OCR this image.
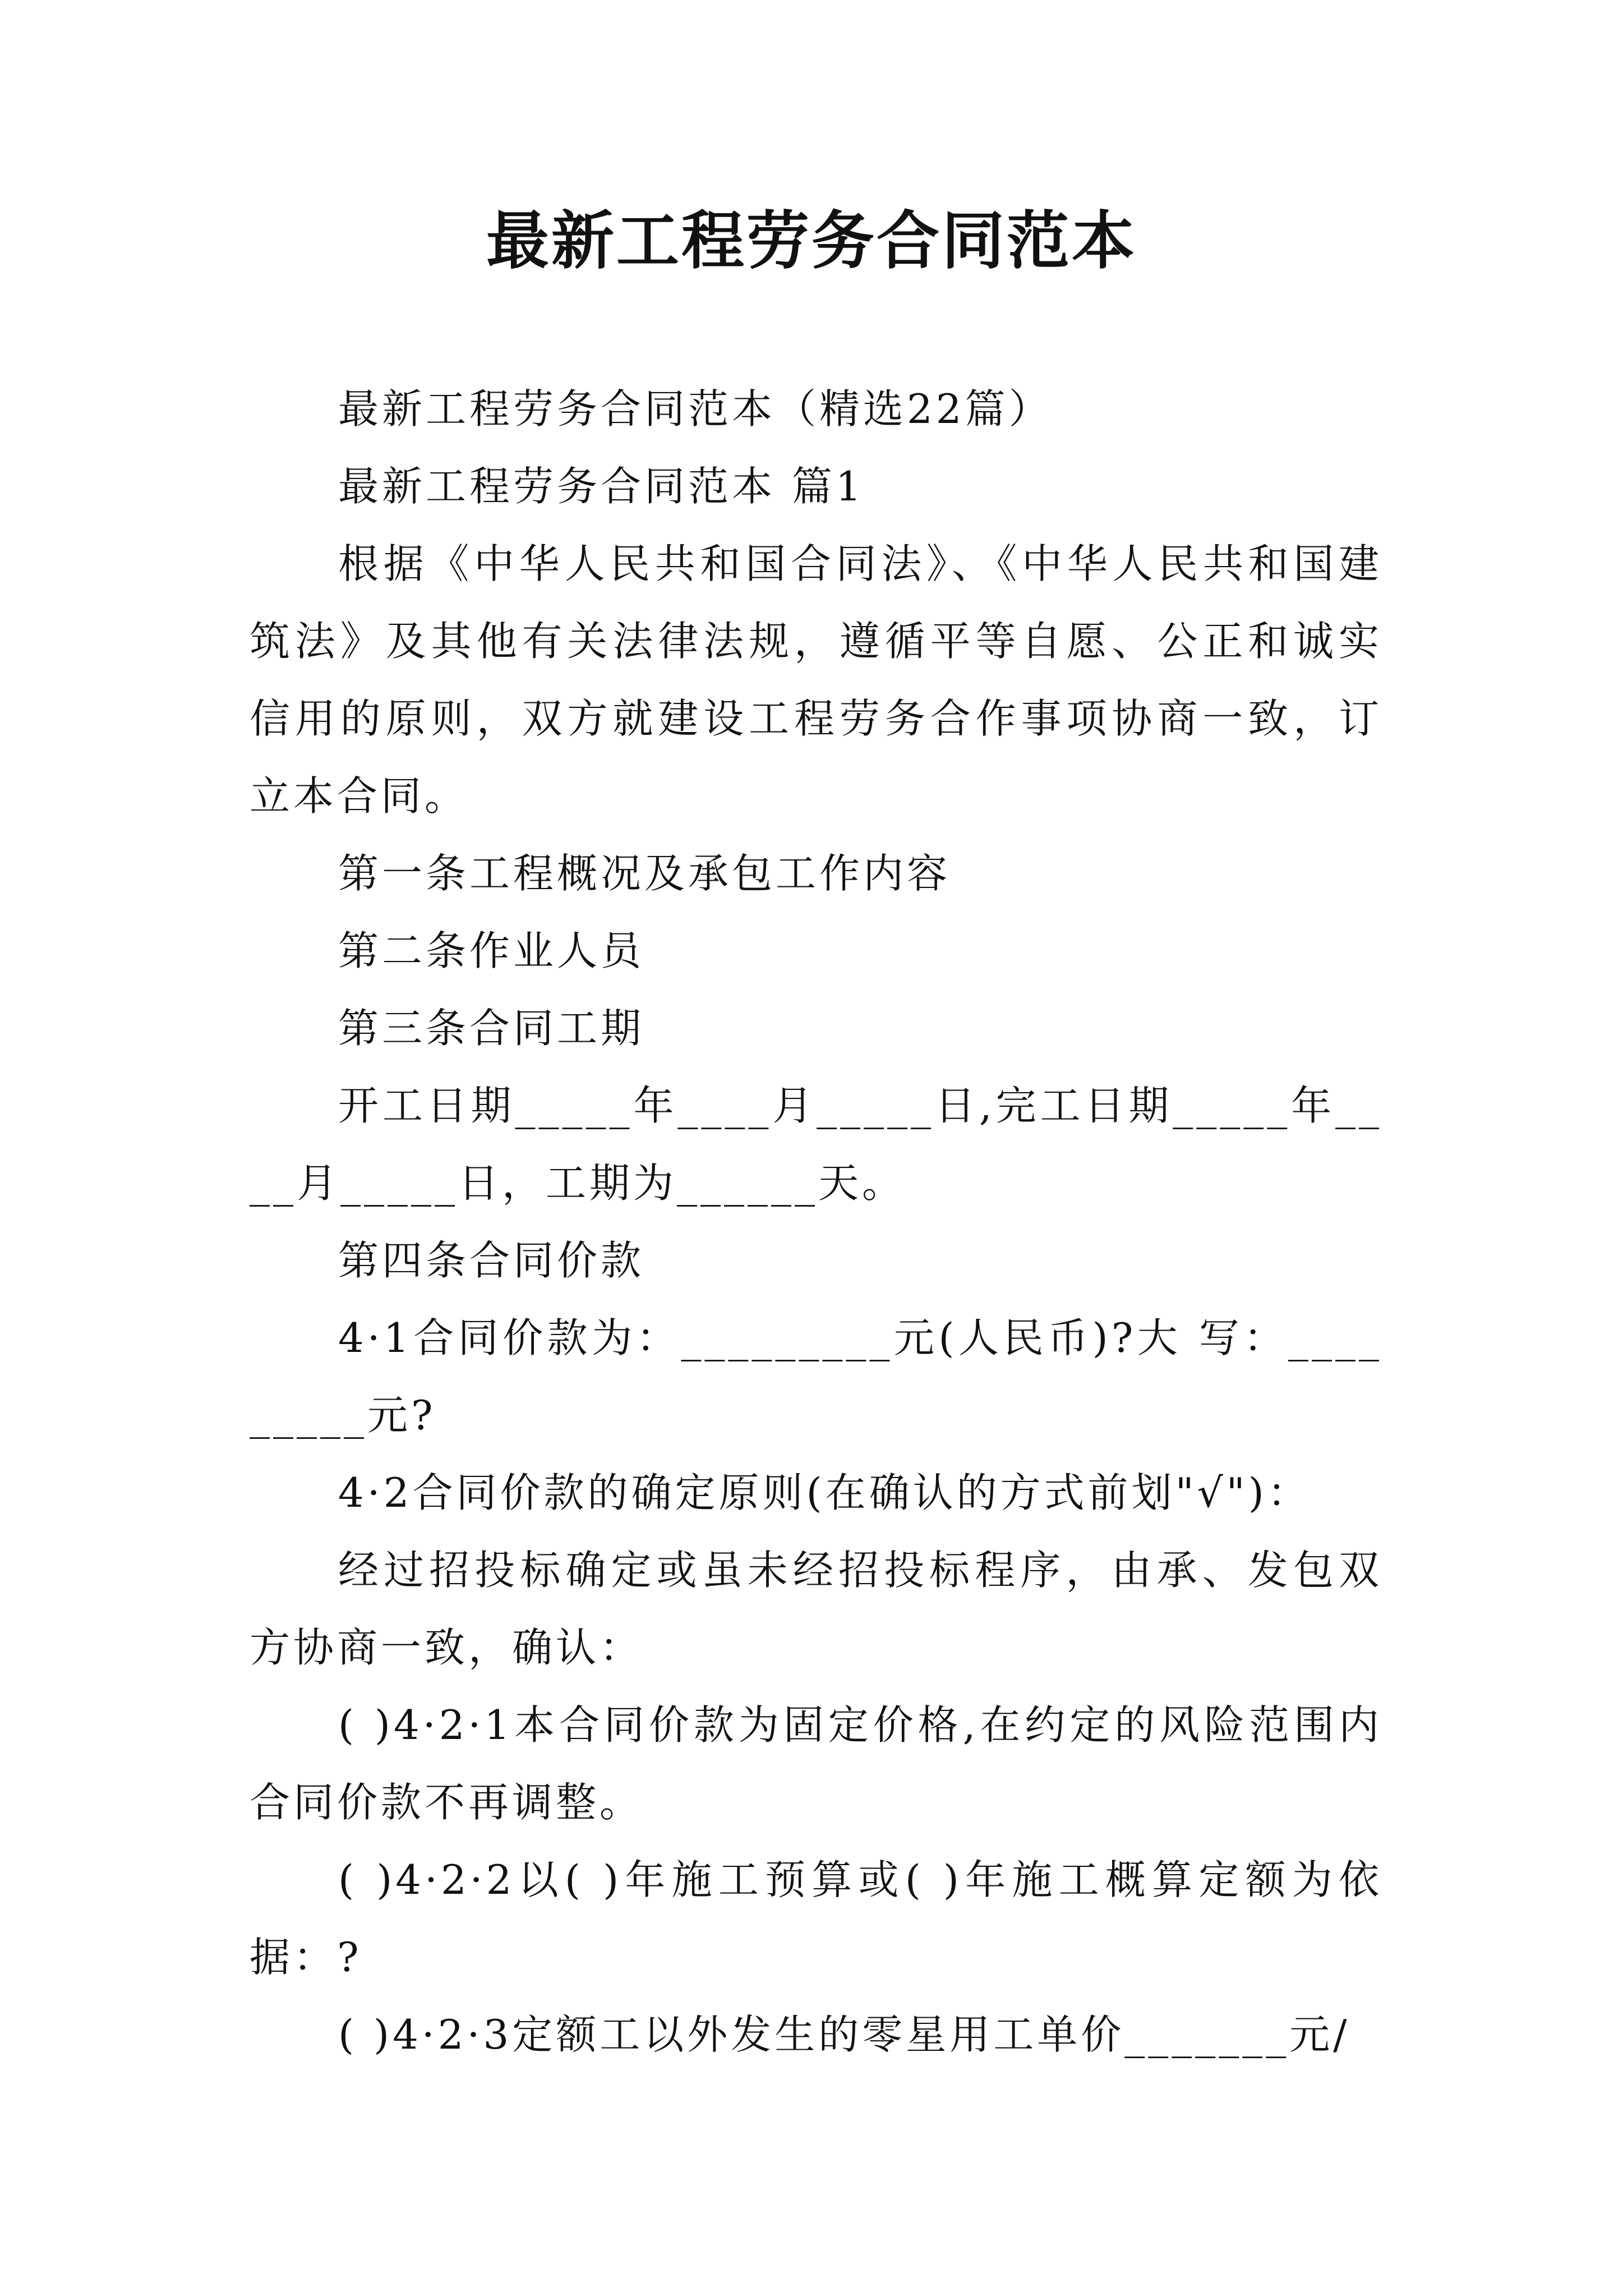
最新工程劳务合同范本

最新工程劳务合同范本（精选22篇）

最新工程劳务合同范本 篇1

根据《中华人民共和国合同法》、《中华人民共和国建筑法》及其他有关法律法规，遵循平等自愿、公正和诚实信用的原则，双方就建设工程劳务合作事项协商一致，订立本合同。

第一条工程概况及承包工作内容

第二条作业人员

第三条合同工期

开工日期_____年____月_____日,完工日期_____年____月_____日，工期为______天。

第四条合同价款

4·1合同价款为：_________元(人民币)?大 写：_________元?

4·2合同价款的确定原则(在确认的方式前划"√")：

经过招投标确定或虽未经招投标程序，由承、发包双方协商一致，确认：

( )4·2·1本合同价款为固定价格,在约定的风险范围内合同价款不再调整。

( )4·2·2以( )年施工预算或( )年施工概算定额为依据：?

( )4·2·3定额工以外发生的零星用工单价_______元/
